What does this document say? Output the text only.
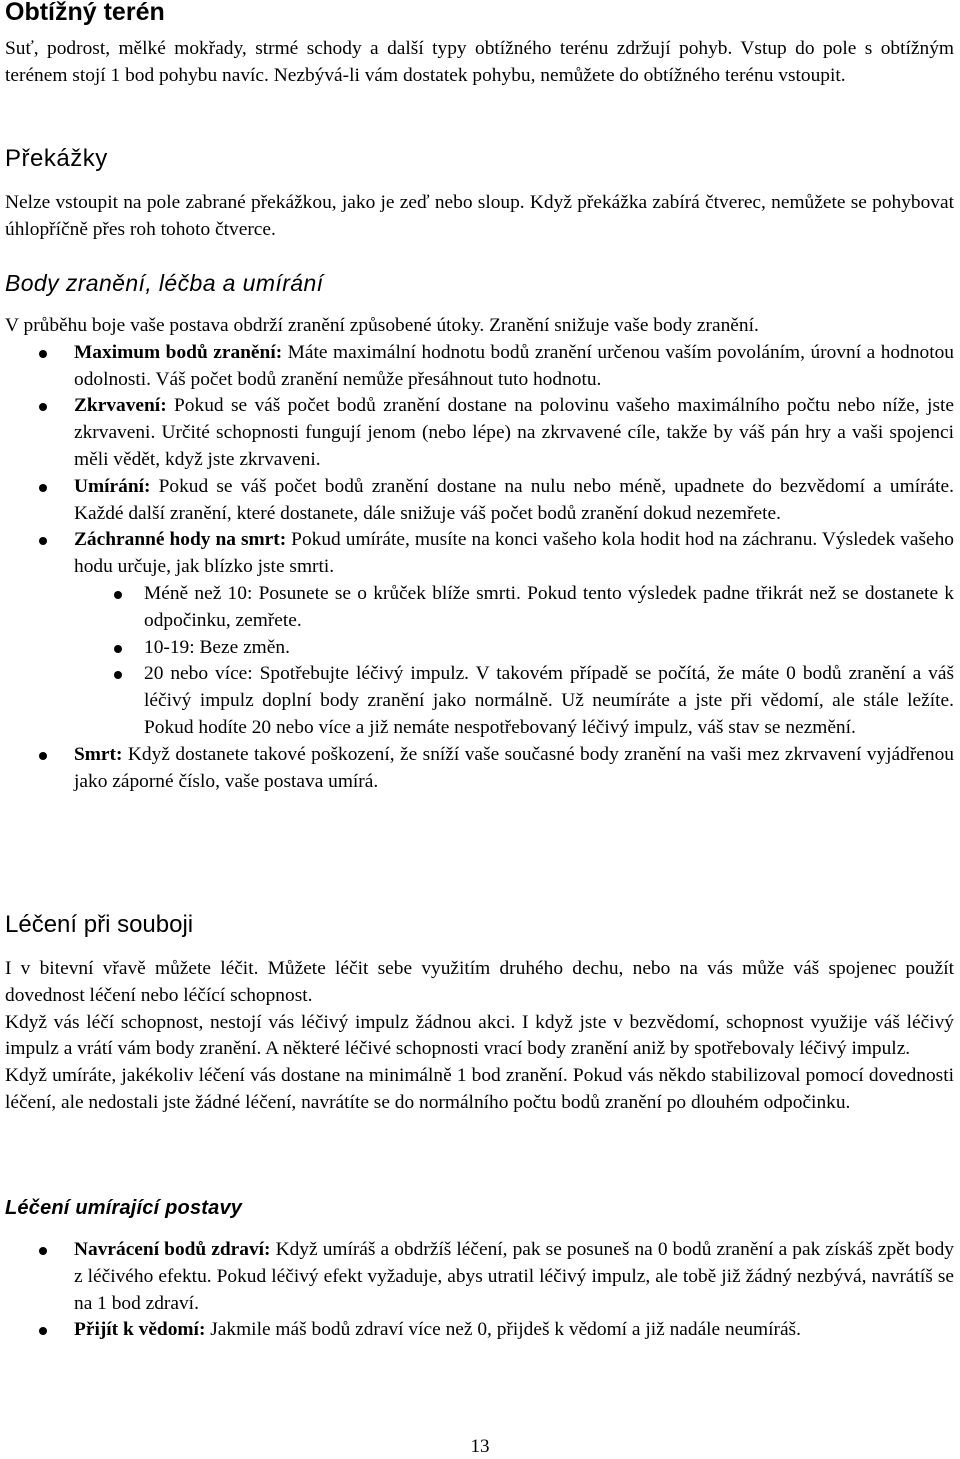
Obtížný terén

Suť, podrost, mělké mokřady, strmé schody a další typy obtížného terénu zdržují pohyb. Vstup do pole s obtížným terénem stojí 1 bod pohybu navíc. Nezbývá-li vám dostatek pohybu, nemůžete do obtížného terénu vstoupit.

Překážky

Nelze vstoupit na pole zabrané překážkou, jako je zeď nebo sloup. Když překážka zabírá čtverec, nemůžete se pohybovat úhlopříčně přes roh tohoto čtverce.

Body zranění, léčba a umírání

V průběhu boje vaše postava obdrží zranění způsobené útoky. Zranění snižuje vaše body zranění.

Maximum bodů zranění: Máte maximální hodnotu bodů zranění určenou vaším povoláním, úrovní a hodnotou odolnosti. Váš počet bodů zranění nemůže přesáhnout tuto hodnotu.

Zkrvavení: Pokud se váš počet bodů zranění dostane na polovinu vašeho maximálního počtu nebo níže, jste zkrvaveni. Určité schopnosti fungují jenom (nebo lépe) na zkrvavené cíle, takže by váš pán hry a vaši spojenci měli vědět, když jste zkrvaveni.

Umírání: Pokud se váš počet bodů zranění dostane na nulu nebo méně, upadnete do bezvědomí a umíráte. Každé další zranění, které dostanete, dále snižuje váš počet bodů zranění dokud nezemřete.

Záchranné hody na smrt: Pokud umíráte, musíte na konci vašeho kola hodit hod na záchranu. Výsledek vašeho hodu určuje, jak blízko jste smrti.

Méně než 10: Posunete se o krůček blíže smrti. Pokud tento výsledek padne třikrát než se dostanete k odpočinku, zemřete.

10-19: Beze změn.

20 nebo více: Spotřebujte léčivý impulz. V takovém případě se počítá, že máte 0 bodů zranění a váš léčivý impulz doplní body zranění jako normálně. Už neumíráte a jste při vědomí, ale stále ležíte. Pokud hodíte 20 nebo více a již nemáte nespotřebovaný léčivý impulz, váš stav se nezmění.

Smrt: Když dostanete takové poškození, že sníží vaše současné body zranění na vaši mez zkrvavení vyjádřenou jako záporné číslo, vaše postava umírá.

Léčení při souboji

I v bitevní vřavě můžete léčit. Můžete léčit sebe využitím druhého dechu, nebo na vás může váš spojenec použít dovednost léčení nebo léčící schopnost.

Když vás léčí schopnost, nestojí vás léčivý impulz žádnou akci. I když jste v bezvědomí, schopnost využije váš léčivý impulz a vrátí vám body zranění. A některé léčivé schopnosti vrací body zranění aniž by spotřebovaly léčivý impulz.

Když umíráte, jakékoliv léčení vás dostane na minimálně 1 bod zranění. Pokud vás někdo stabilizoval pomocí dovednosti léčení, ale nedostali jste žádné léčení, navrátíte se do normálního počtu bodů zranění po dlouhém odpočinku.

Léčení umírající postavy

Navrácení bodů zdraví: Když umíráš a obdržíš léčení, pak se posuneš na 0 bodů zranění a pak získáš zpět body z léčivého efektu. Pokud léčivý efekt vyžaduje, abys utratil léčivý impulz, ale tobě již žádný nezbývá, navrátíš se na 1 bod zdraví.

Přijít k vědomí: Jakmile máš bodů zdraví více než 0, přijdeš k vědomí a již nadále neumíráš.

13
